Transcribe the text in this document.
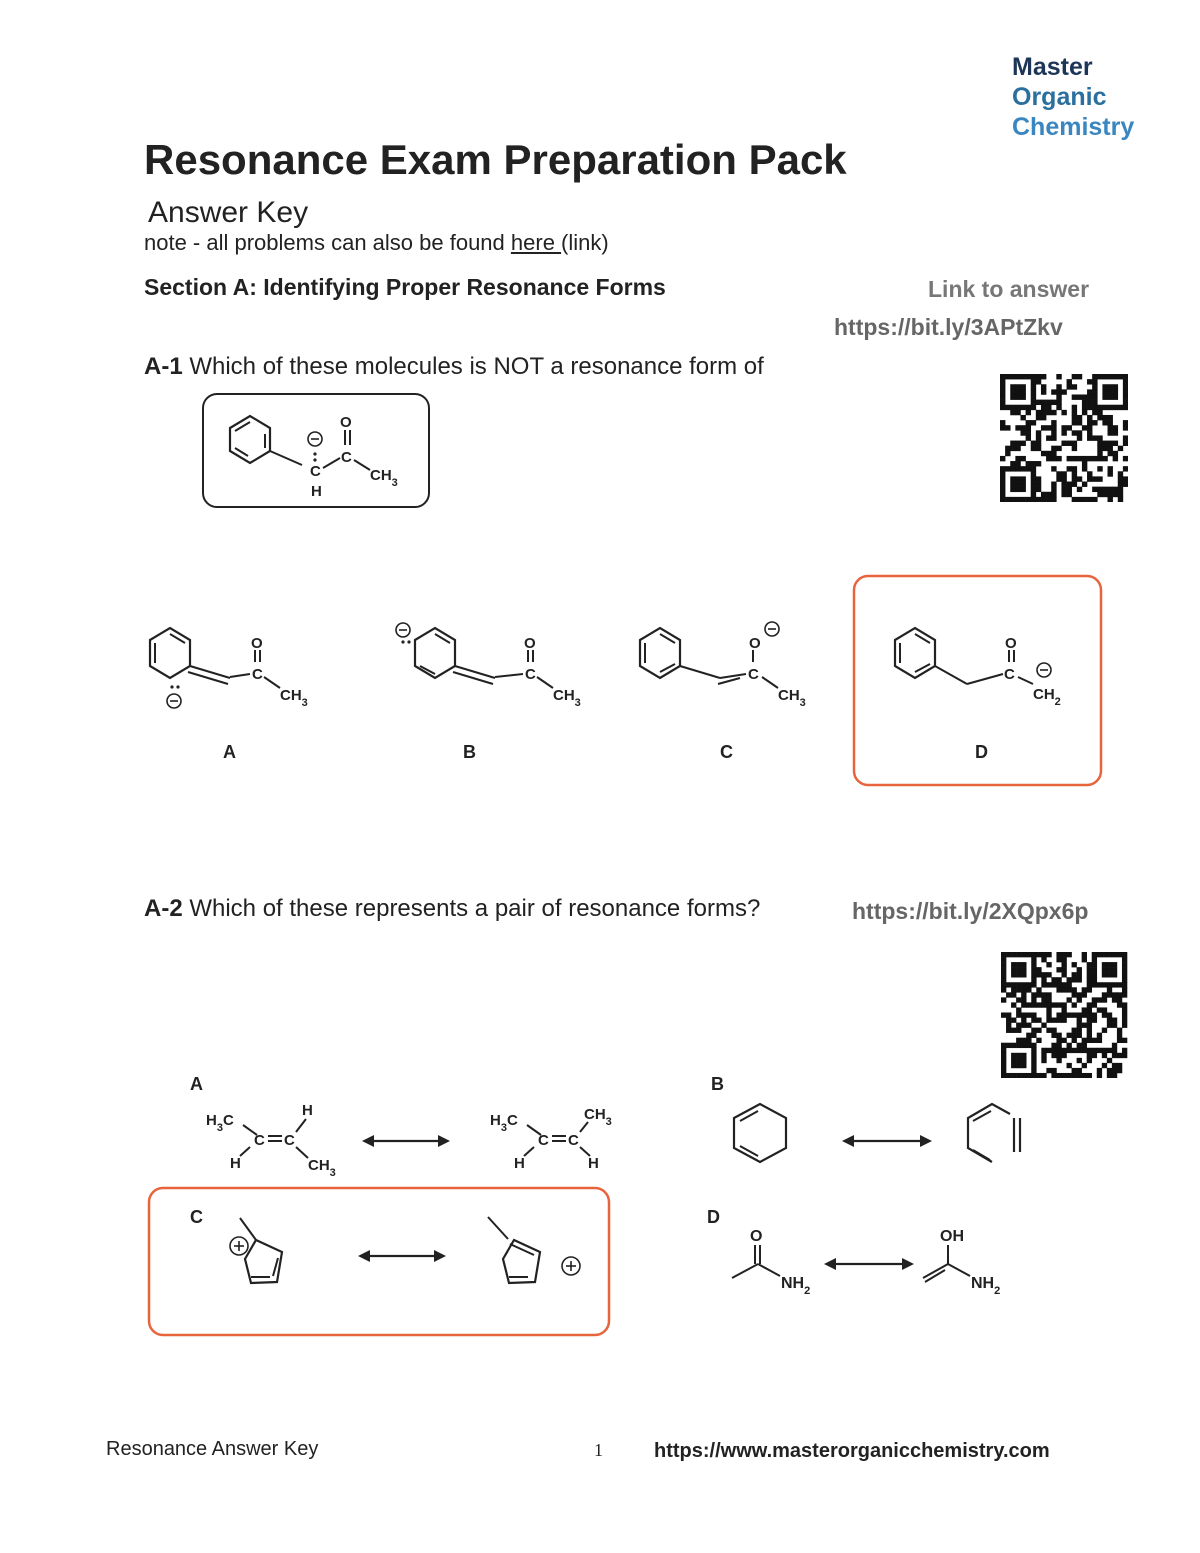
Master
Organic
Chemistry
Resonance Exam Preparation Pack
Answer Key
note - all problems can also be found here (link)
Section A: Identifying Proper Resonance Forms	Link to answer
https://bit.ly/3APtZkv
A-1 Which of these molecules is NOT a resonance form of
C
H
C
O
$CH_3$
C
O
$CH_3$
A
C
O
$CH_3$
B
C
O
$CH_3$
C
C
O
$CH_2$
D
A-2 Which of these represents a pair of resonance forms?	https://bit.ly/2XQpx6p
A
$H_3C$
H
C C
H	$CH_3$
$H_3C$	$CH_3$
C C
H	H
B
C	D
O
$NH_2$
OH
$NH_2$
Resonance Answer Key	1	https://www.masterorganicchemistry.com
